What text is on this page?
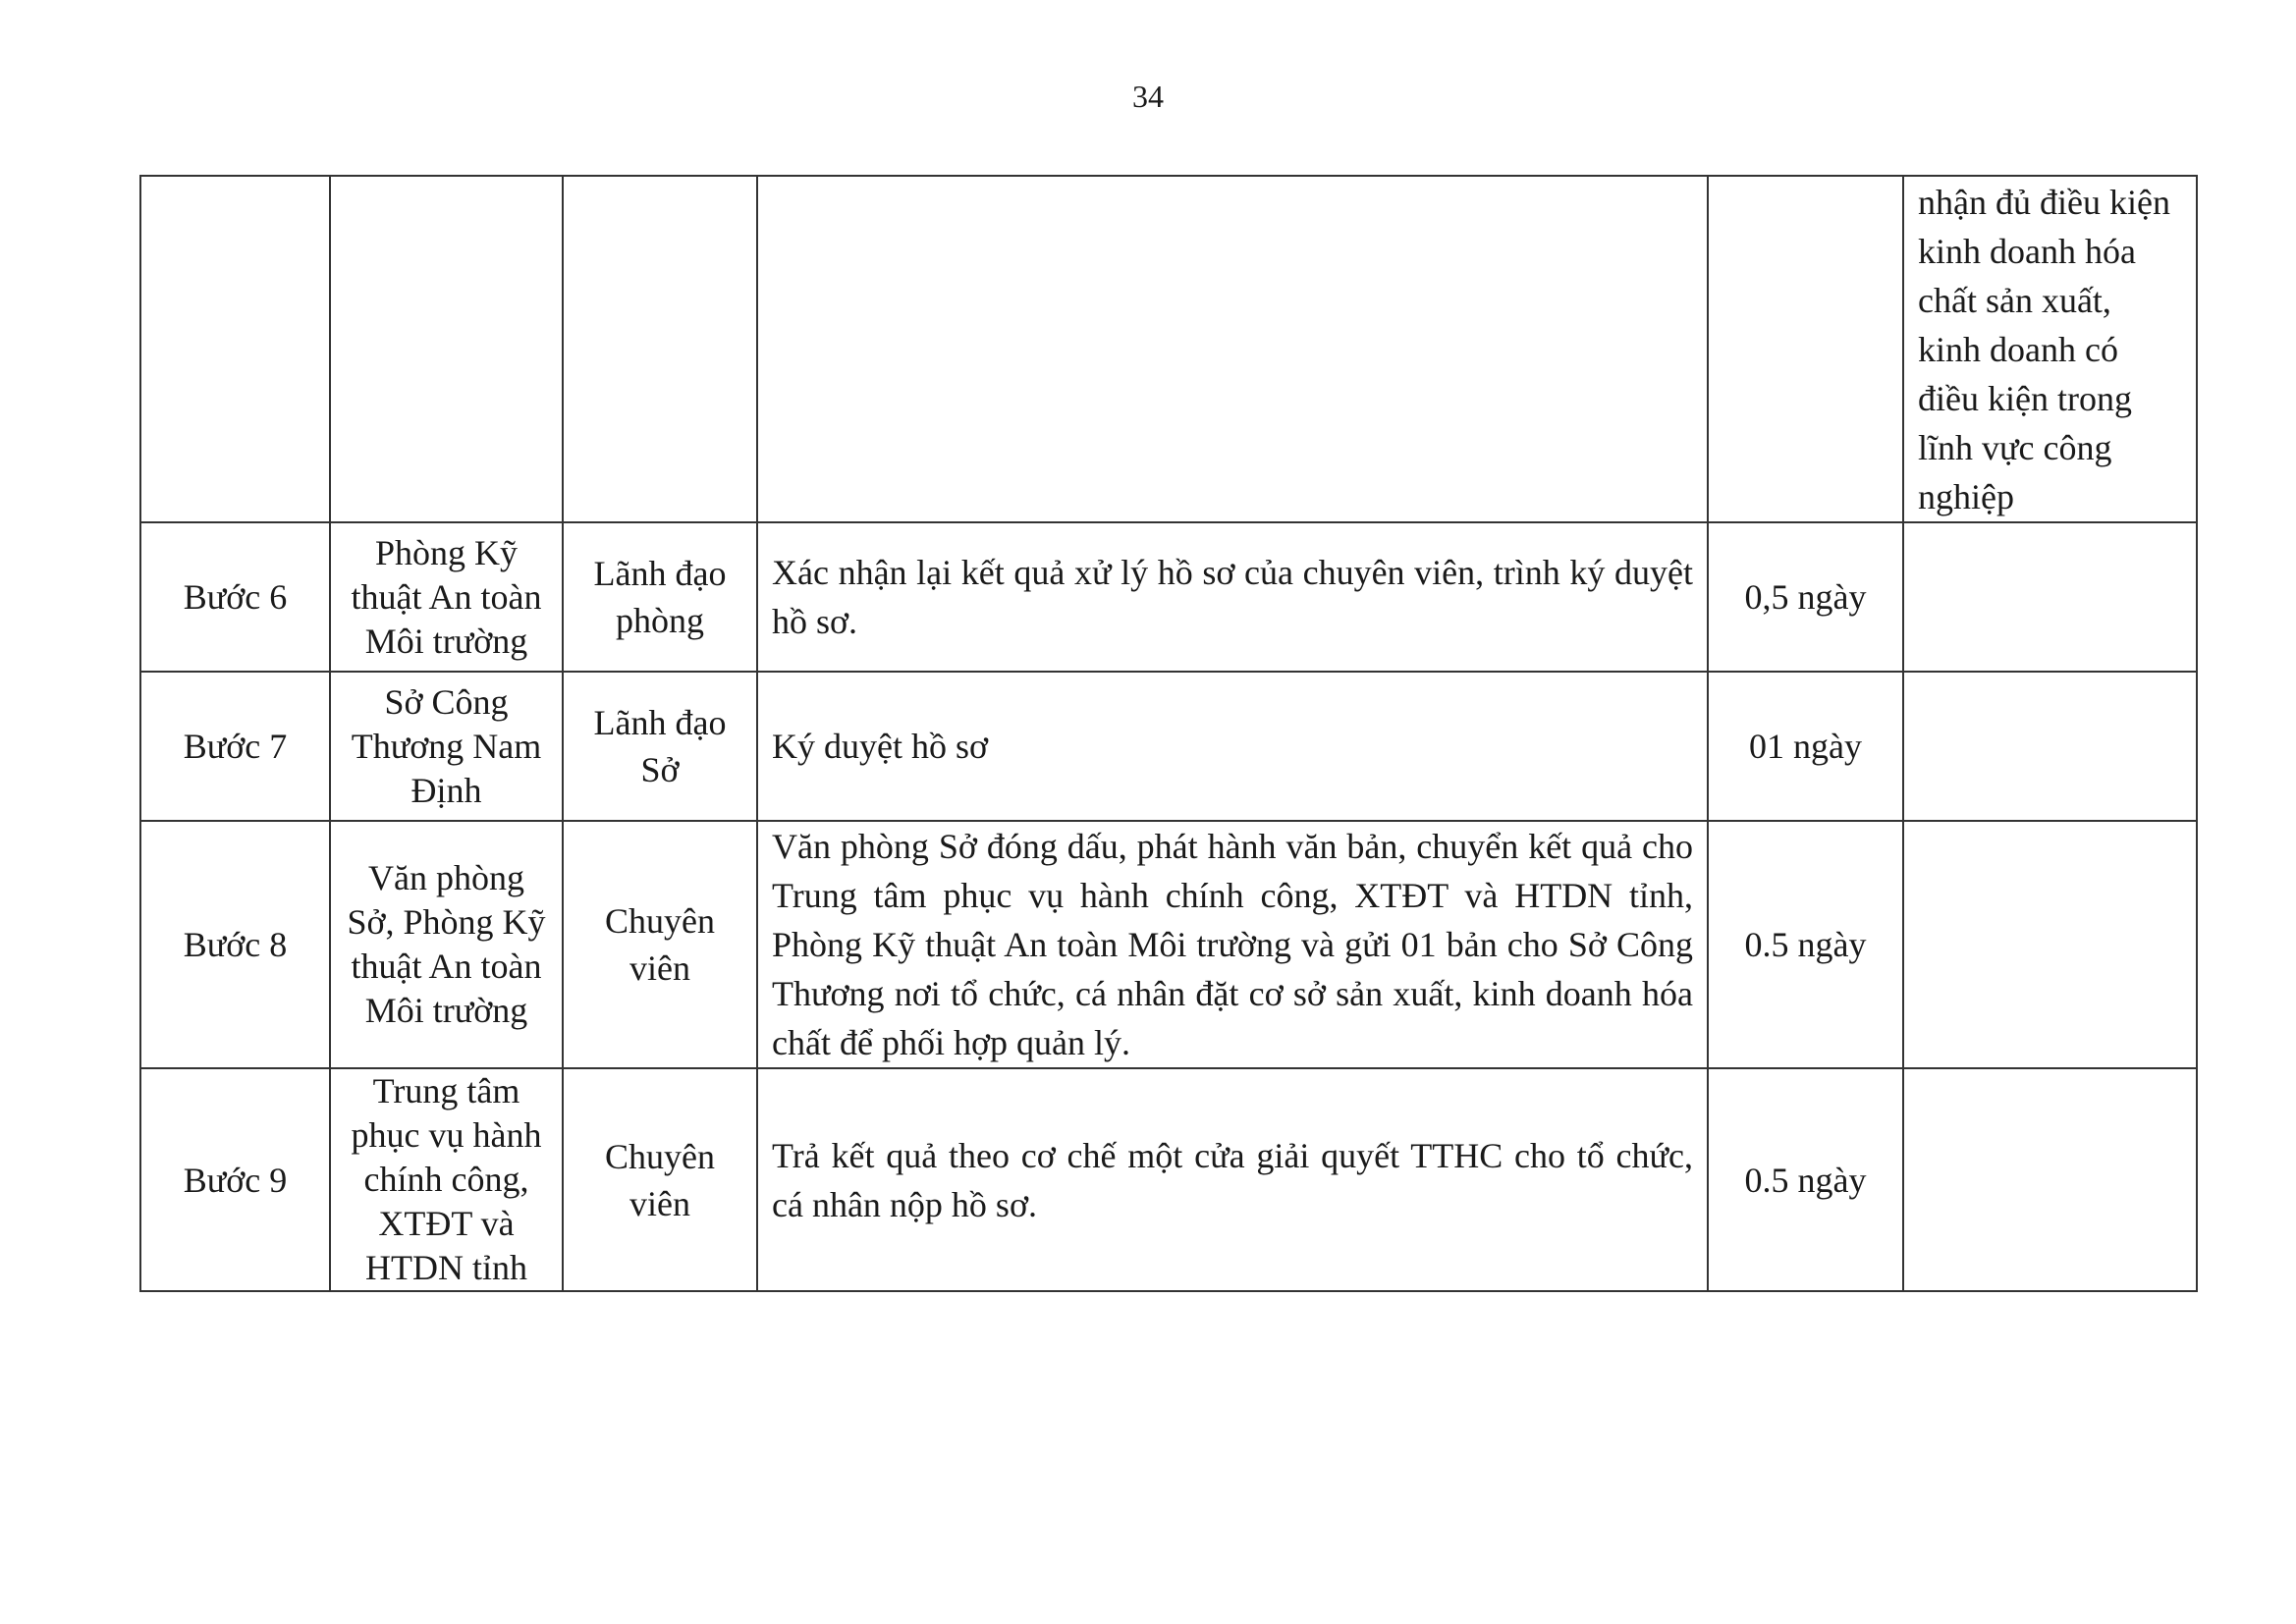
34
					nhận đủ điều kiện kinh doanh hóa chất sản xuất, kinh doanh có điều kiện trong lĩnh vực công nghiệp
Bước 6	Phòng Kỹ thuật An toàn Môi trường	Lãnh đạo phòng	Xác nhận lại kết quả xử lý hồ sơ của chuyên viên, trình ký duyệt hồ sơ.	0,5 ngày	
Bước 7	Sở Công Thương Nam Định	Lãnh đạo Sở	Ký duyệt hồ sơ	01 ngày	
Bước 8	Văn phòng Sở, Phòng Kỹ thuật An toàn Môi trường	Chuyên viên	Văn phòng Sở đóng dấu, phát hành văn bản, chuyển kết quả cho Trung tâm phục vụ hành chính công, XTĐT và HTDN tỉnh, Phòng Kỹ thuật An toàn Môi trường và gửi 01 bản cho Sở Công Thương nơi tổ chức, cá nhân đặt cơ sở sản xuất, kinh doanh hóa chất để phối hợp quản lý.	0.5 ngày	
Bước 9	Trung tâm phục vụ hành chính công, XTĐT và HTDN tỉnh	Chuyên viên	Trả kết quả theo cơ chế một cửa giải quyết TTHC cho tổ chức, cá nhân nộp hồ sơ.	0.5 ngày	
